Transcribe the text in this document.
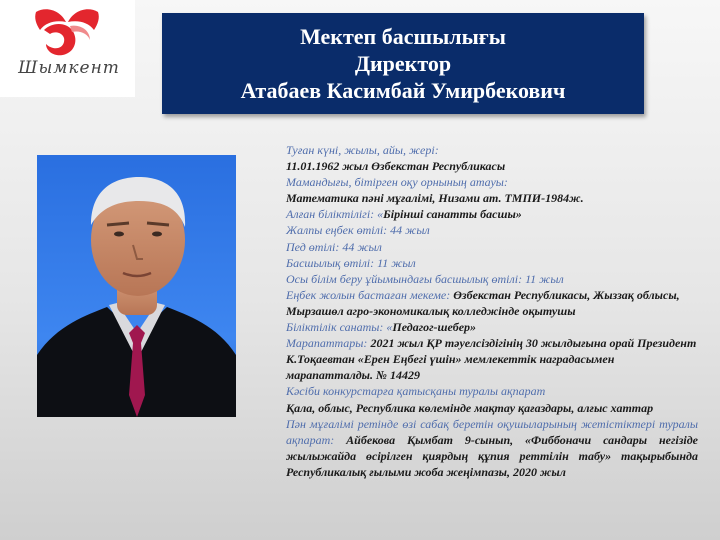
Шымкент
Мектеп басшылығы
Директор
Атабаев Касимбай Умирбекович

Туған күні, жылы, айы, жері:

11.01.1962 жыл Өзбекстан Республикасы

Мамандығы, бітірген оқу орнының атауы:

Математика пәні мұғалімі, Низами ат. ТМПИ-1984ж.

Алған біліктілігі: «Бірінші санатты басшы»

Жалпы еңбек өтілі: 44 жыл

Пед өтілі: 44 жыл

Басшылық өтілі: 11 жыл

Осы білім беру ұйымындағы басшылық өтілі: 11 жыл

Еңбек жолын бастаған мекеме: Өзбекстан Республикасы, Жыззақ облысы, Мырзашөл агро-экономикалық колледжінде оқытушы

Біліктілік санаты: «Педагог-шебер»

Марапаттары: 2021 жыл ҚР тәуелсіздігінің 30 жылдығына орай Президент К.Тоқаевтан «Ерен Еңбегі үшін» мемлекеттік наградасымен марапатталды. № 14429

Кәсіби конкурстарға қатысқаны туралы ақпарат

Қала, облыс, Республика көлемінде мақтау қағаздары, алғыс хаттар

Пән мұғалімі ретінде өзі сабақ беретін оқушыларының жетістіктері туралы ақпарат: Айбекова Қымбат 9-сынып, «Фиббоначи сандары негізіде жылыжайда өсірілген қиярдың құпия реттілін табу» тақырыбында Республикалық ғылыми жоба жеңімпазы, 2020 жыл
